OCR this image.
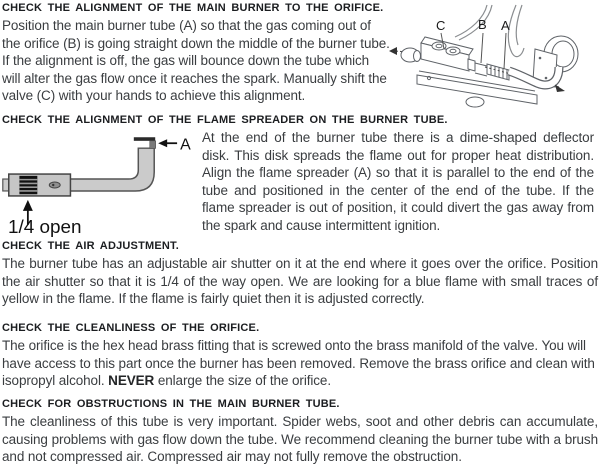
CHECK THE ALIGNMENT OF THE MAIN BURNER TO THE ORIFICE.

Position the main burner tube (A) so that the gas coming out of the orifice (B) is going straight down the middle of the burner tube. If the alignment is off, the gas will bounce down the tube which will alter the gas flow once it reaches the spark. Manually shift the valve (C) with your hands to achieve this alignment.

C	B A
CHECK THE ALIGNMENT OF THE FLAME SPREADER ON THE BURNER TUBE.
A
1/4 open

At the end of the burner tube there is a dime-shaped deflector disk. This disk spreads the flame out for proper heat distribution. Align the flame spreader (A) so that it is parallel to the end of the tube and positioned in the center of the end of the tube. If the flame spreader is out of position, it could divert the gas away from the spark and cause intermittent ignition.

CHECK THE AIR ADJUSTMENT.

The burner tube has an adjustable air shutter on it at the end where it goes over the orifice. Position the air shutter so that it is 1/4 of the way open. We are looking for a blue flame with small traces of yellow in the flame. If the flame is fairly quiet then it is adjusted correctly.

CHECK THE CLEANLINESS OF THE ORIFICE.

The orifice is the hex head brass fitting that is screwed onto the brass manifold of the valve. You will have access to this part once the burner has been removed. Remove the brass orifice and clean with isopropyl alcohol. NEVER enlarge the size of the orifice.

CHECK FOR OBSTRUCTIONS IN THE MAIN BURNER TUBE.

The cleanliness of this tube is very important. Spider webs, soot and other debris can accumulate, causing problems with gas flow down the tube. We recommend cleaning the burner tube with a brush and not compressed air. Compressed air may not fully remove the obstruction.
